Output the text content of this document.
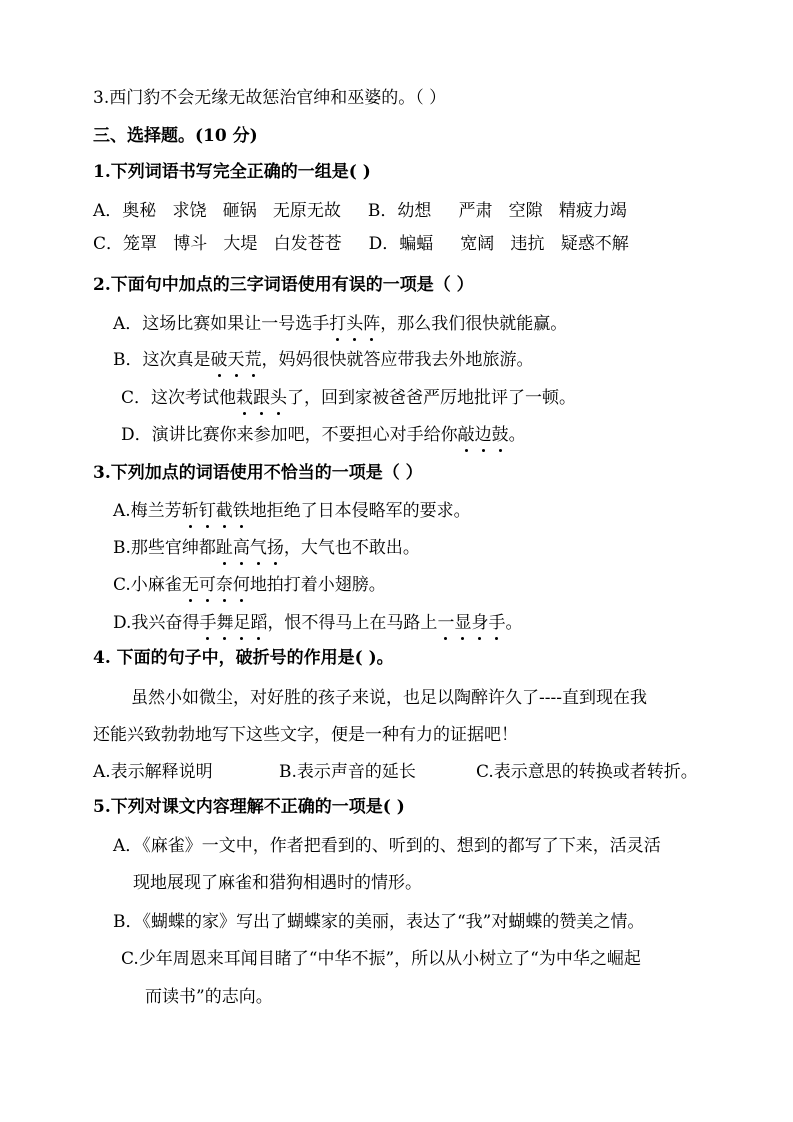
3.西门豹不会无缘无故惩治官绅和巫婆的。（ ）
三、选择题。(10 分)
1.下列词语书写完全正确的一组是( )
A．奥秘   求饶   砸锅   无原无故     B．幼想     严肃   空隙   精疲力竭
C．笼罩   博斗   大堤   白发苍苍     D．蝙蝠     宽阔   违抗   疑惑不解
2.下面句中加点的三字词语使用有误的一项是（ ）
A．这场比赛如果让一号选手打
头
阵
，那么我们很快就能赢。
B．这次真是破
天
荒
，妈妈很快就答应带我去外地旅游。
C．这次考试他栽
跟
头
了，回到家被爸爸严厉地批评了一顿。
D．演讲比赛你来参加吧，不要担心对手给你敲
边
鼓
。
3.下列加点的词语使用不恰当的一项是（ ）
A.梅兰芳斩
钉
截
铁
地拒绝了日本侵略军的要求。
B.那些官绅都趾
高
气
扬
，大气也不敢出。
C.小麻雀无
可
奈
何
地拍打着小翅膀。
D.我兴奋得手
舞
足
蹈
，恨不得马上在马路上一
显
身
手
。
4. 下面的句子中，破折号的作用是( )。
虽然小如微尘，对好胜的孩子来说，也足以陶醉许久了----直到现在我
还能兴致勃勃地写下这些文字，便是一种有力的证据吧！
A.表示解释说明	B.表示声音的延长	C.表示意思的转换或者转折。
5.下列对课文内容理解不正确的一项是( )
A．《麻雀》一文中，作者把看到的、听到的、想到的都写了下来，活灵活
现地展现了麻雀和猎狗相遇时的情形。
B．《蝴蝶的家》写出了蝴蝶家的美丽，表达了“我”对蝴蝶的赞美之情。
C.少年周恩来耳闻目睹了“中华不振”，所以从小树立了“为中华之崛起
而读书”的志向。
